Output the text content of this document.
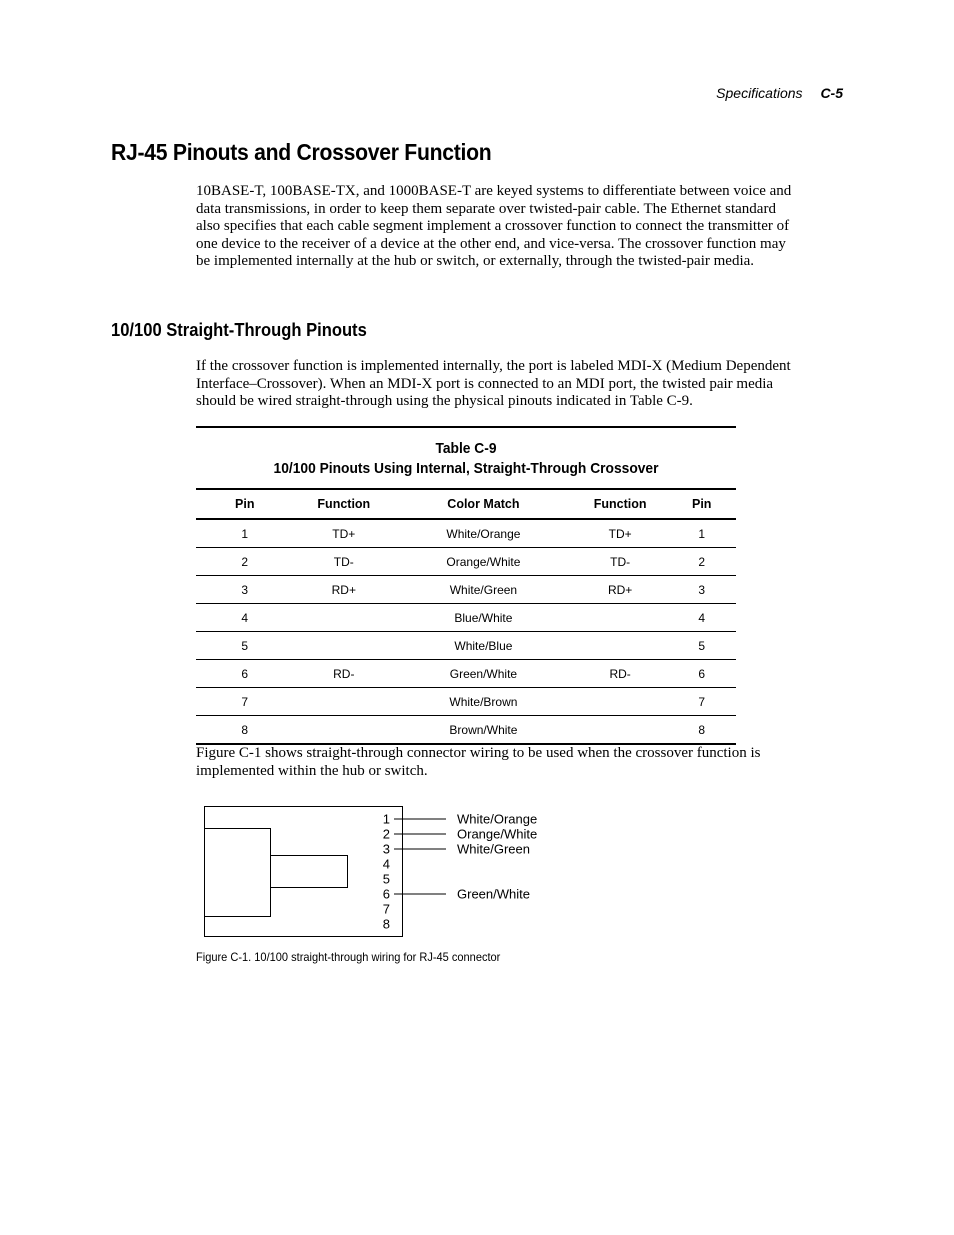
Specifications C-5
RJ-45 Pinouts and Crossover Function

10BASE-T, 100BASE-TX, and 1000BASE-T are keyed systems to differentiate between voice and data transmissions, in order to keep them separate over twisted-pair cable. The Ethernet standard also specifies that each cable segment implement a crossover function to connect the transmitter of one device to the receiver of a device at the other end, and vice-versa. The crossover function may be implemented internally at the hub or switch, or externally, through the twisted-pair media.

10/100 Straight-Through Pinouts

If the crossover function is implemented internally, the port is labeled MDI-X (Medium Dependent Interface–Crossover). When an MDI-X port is connected to an MDI port, the twisted pair media should be wired straight-through using the physical pinouts indicated in Table C-9.

Table C-9
10/100 Pinouts Using Internal, Straight-Through Crossover
Pin	Function	Color Match	Function	Pin
1	TD+	White/Orange	TD+	1
2	TD-	Orange/White	TD-	2
3	RD+	White/Green	RD+	3
4		Blue/White		4
5		White/Blue		5
6	RD-	Green/White	RD-	6
7		White/Brown		7
8		Brown/White		8

Figure C-1 shows straight-through connector wiring to be used when the crossover function is implemented within the hub or switch.

1
2
3
4
5
6
7
8
White/Orange
Orange/White
White/Green
Green/White
Figure C-1. 10/100 straight-through wiring for RJ-45 connector
